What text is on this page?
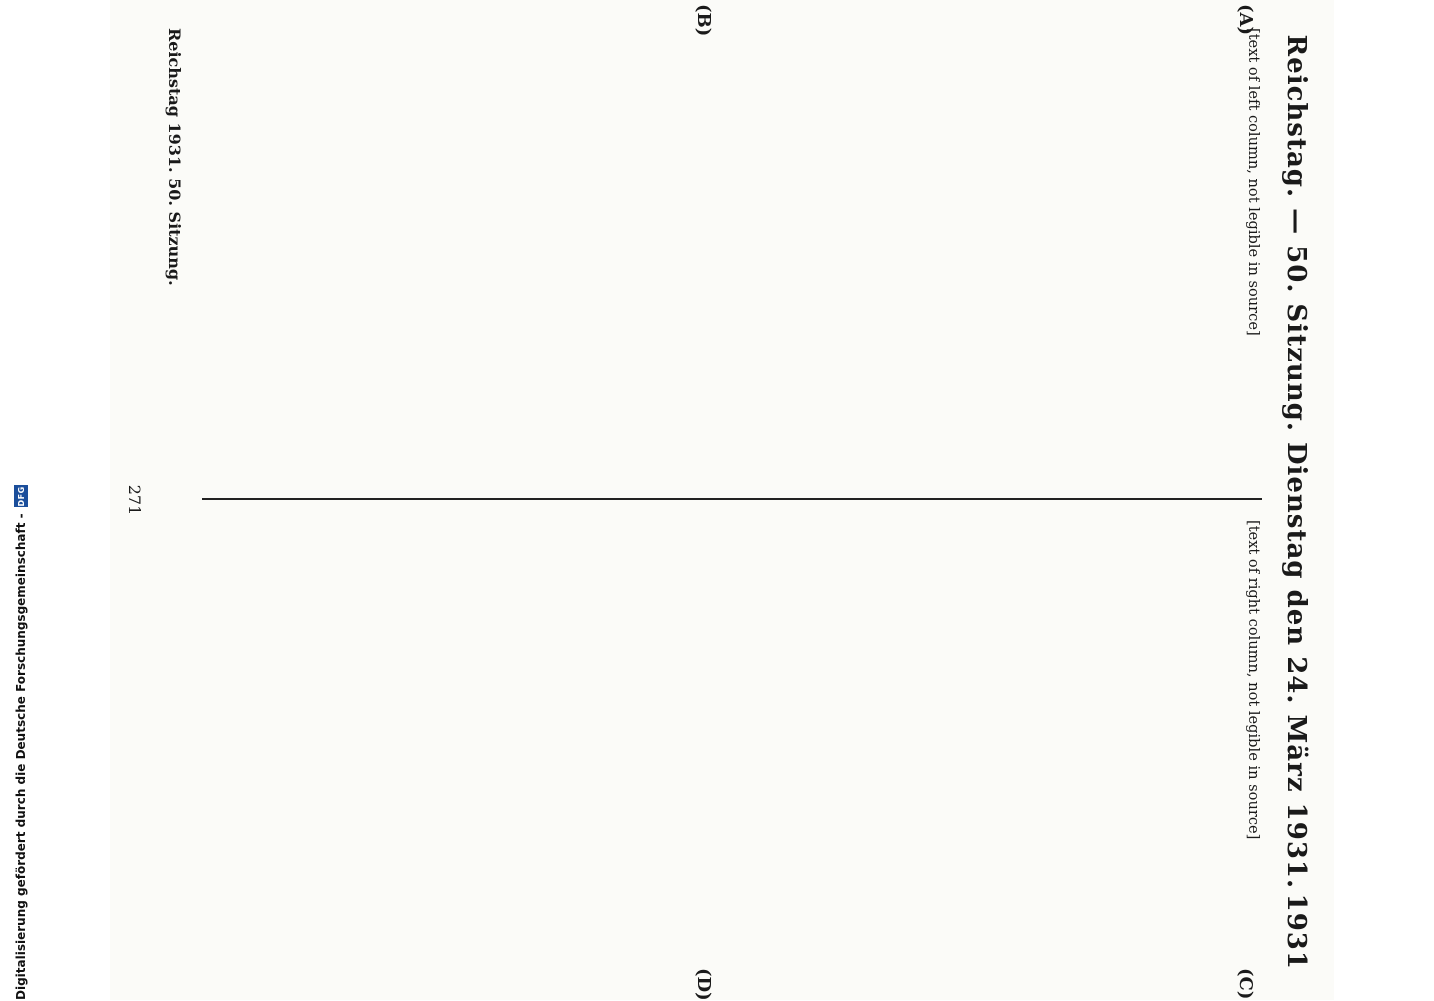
Digitalisierung gefördert durch die Deutsche Forschungsgemeinschaft -
DFG	Reichstag. — 50. Sitzung. Dienstag den 24. März 1931.
1931
(A)
(B)
(C)
(D)
[text of left column, not legible in source]
[text of right column, not legible in source]
Reichstag 1931. 50. Sitzung.
271
